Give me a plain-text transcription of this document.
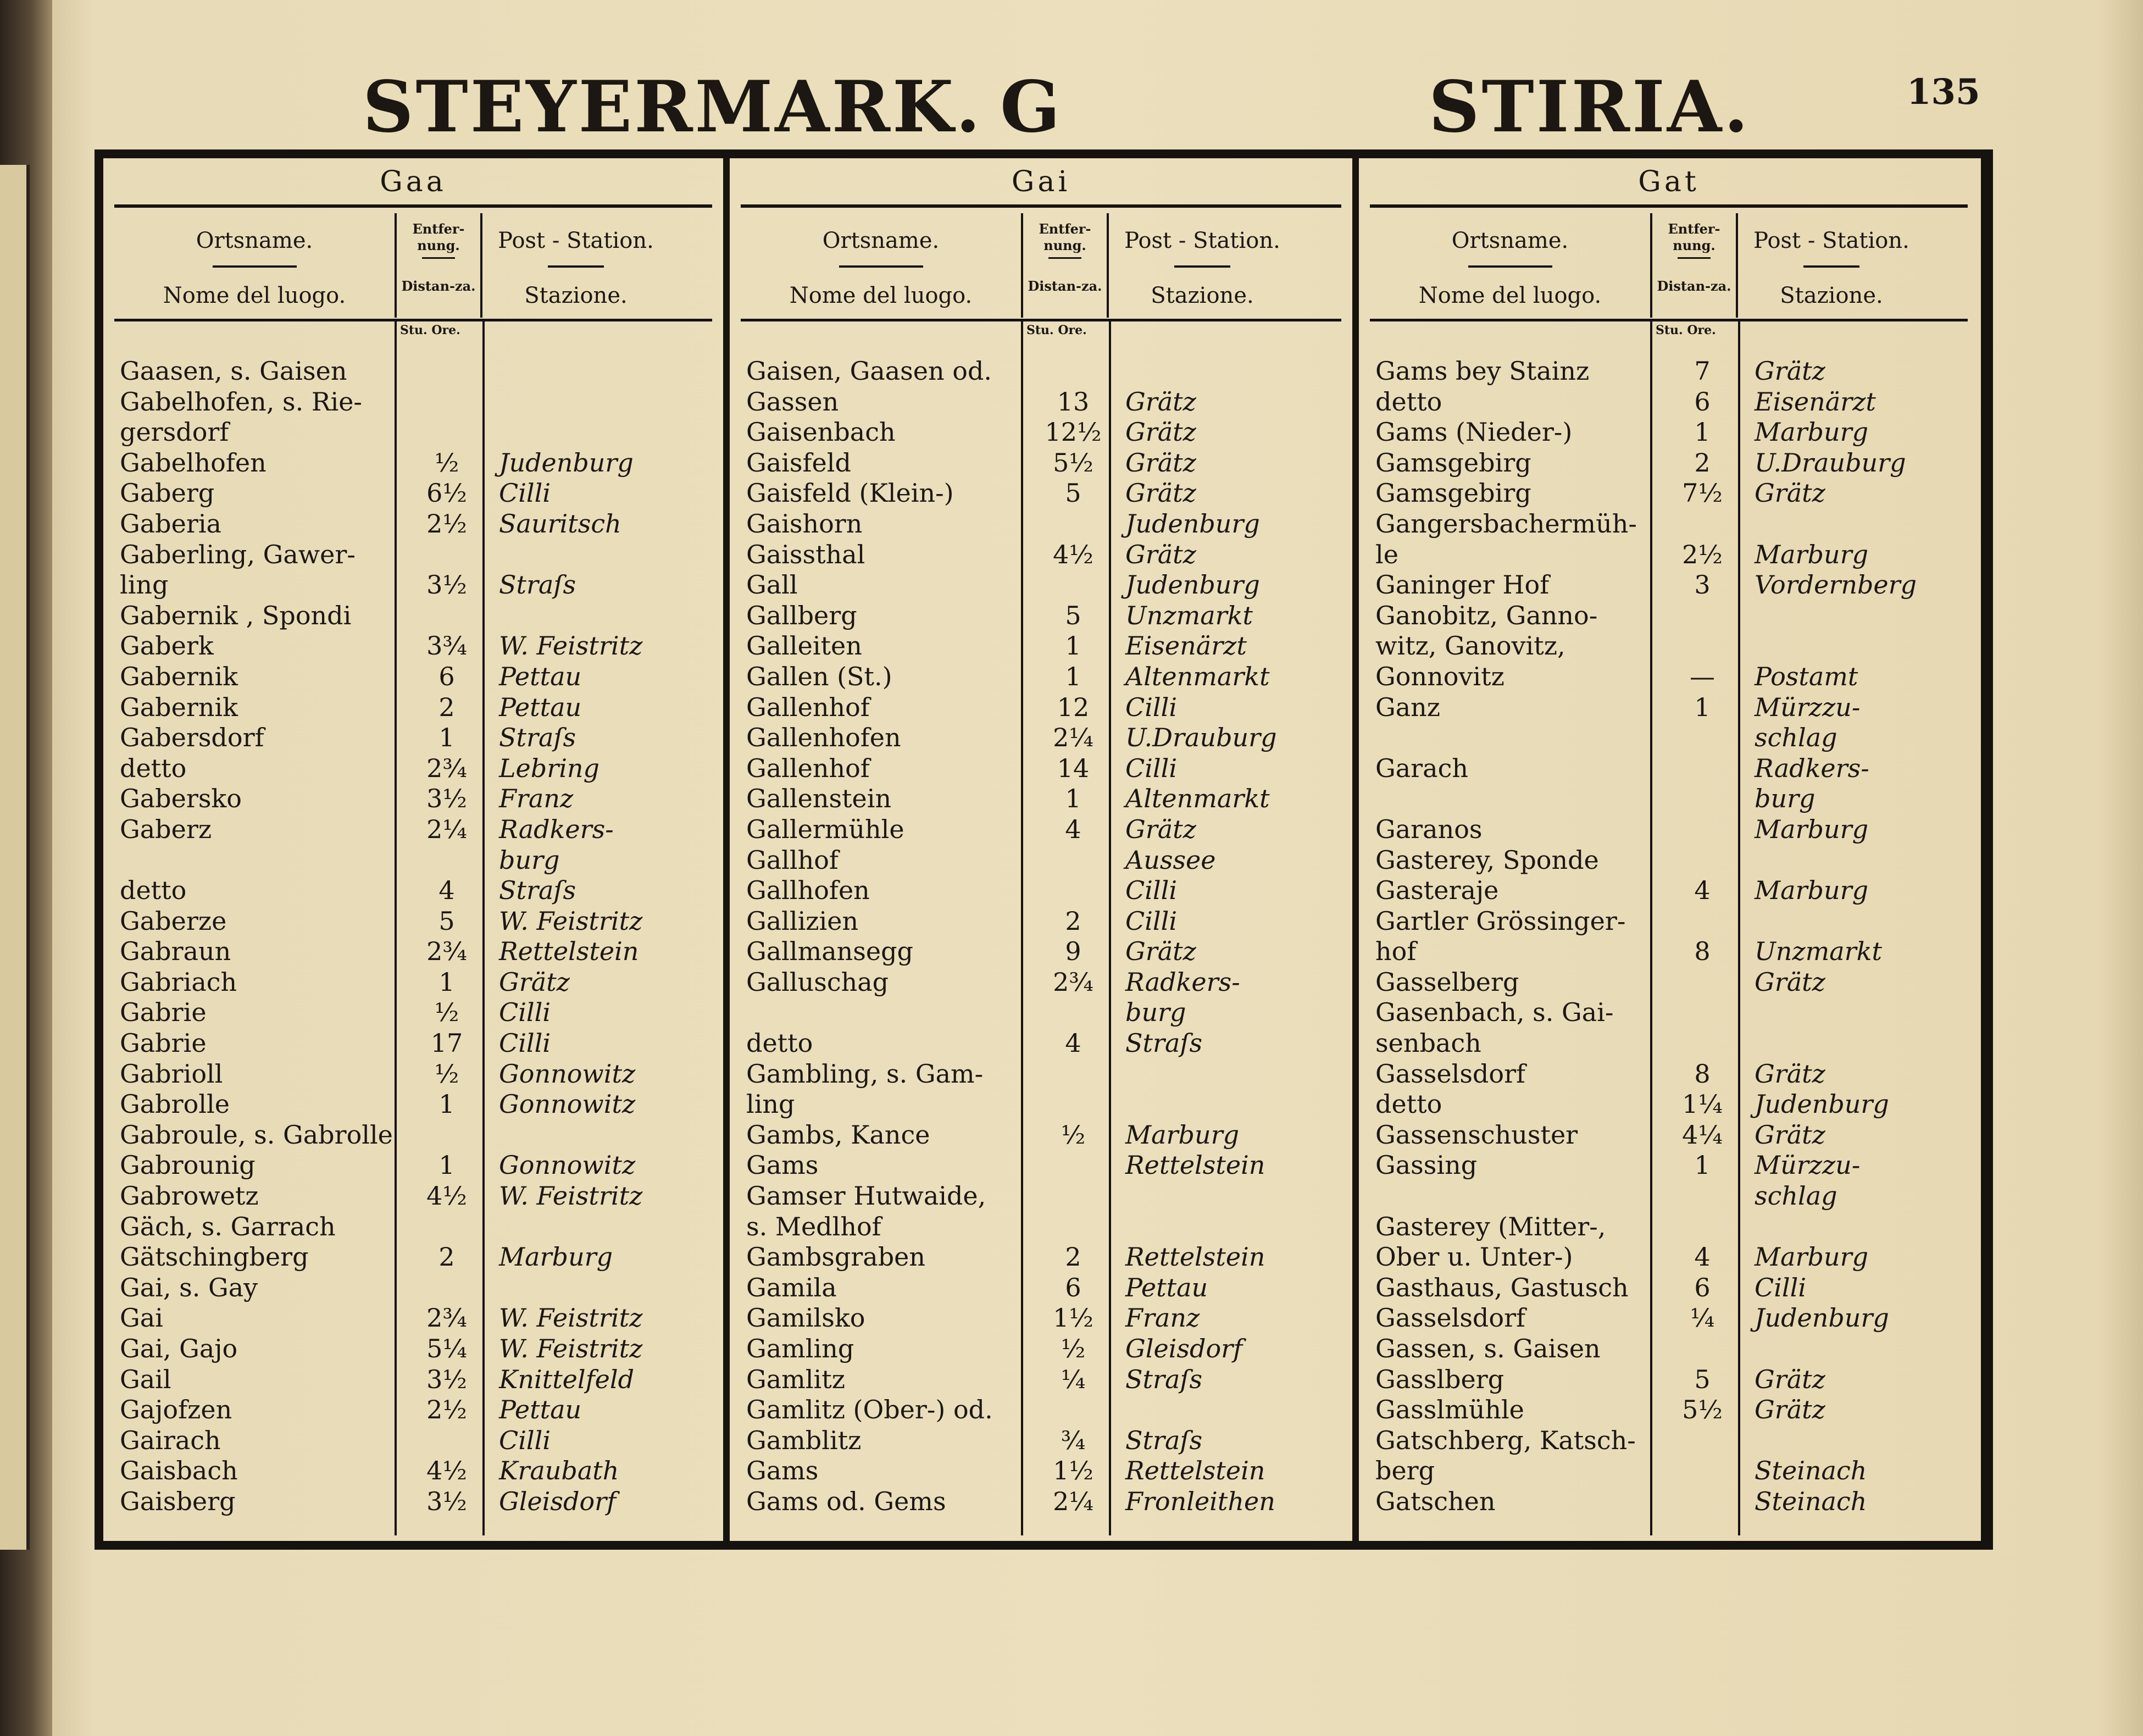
STEYERMARK. G	STIRIA.	135
Gaa
Ortsname.
Nome del luogo.
Entfer-nung.
Distan-za.
Post - Station.
Stazione.
Stu. Ore.
Gaasen, s. Gaisen
Gabelhofen, s. Rie-
gersdorf
Gabelhofen	½	Judenburg
Gaberg	6½	Cilli
Gaberia	2½	Sauritsch
Gaberling, Gawer-
ling	3½	Straſs
Gabernik , Spondi
Gaberk	3¾	W. Feistritz
Gabernik	6	Pettau
Gabernik	2	Pettau
Gabersdorf	1	Straſs
detto	2¾	Lebring
Gabersko	3½	Franz
Gaberz	2¼	Radkers-
burg
detto	4	Straſs
Gaberze	5	W. Feistritz
Gabraun	2¾	Rettelstein
Gabriach	1	Grätz
Gabrie	½	Cilli
Gabrie	17	Cilli
Gabrioll	½	Gonnowitz
Gabrolle	1	Gonnowitz
Gabroule, s. Gabrolle
Gabrounig	1	Gonnowitz
Gabrowetz	4½	W. Feistritz
Gäch, s. Garrach
Gätschingberg	2	Marburg
Gai, s. Gay
Gai	2¾	W. Feistritz
Gai, Gajo	5¼	W. Feistritz
Gail	3½	Knittelfeld
Gajofzen	2½	Pettau
Gairach	Cilli
Gaisbach	4½	Kraubath
Gaisberg	3½	Gleisdorf
Gai
Ortsname.
Nome del luogo.
Entfer-nung.
Distan-za.
Post - Station.
Stazione.
Stu. Ore.
Gaisen, Gaasen od.
Gassen	13	Grätz
Gaisenbach	12½ Grätz
Gaisfeld	5½	Grätz
Gaisfeld (Klein-)	5	Grätz
Gaishorn	Judenburg
Gaissthal	4½	Grätz
Gall	Judenburg
Gallberg	5	Unzmarkt
Galleiten	1	Eisenärzt
Gallen (St.)	1	Altenmarkt
Gallenhof	12	Cilli
Gallenhofen	2¼	U.Drauburg
Gallenhof	14	Cilli
Gallenstein	1	Altenmarkt
Gallermühle	4	Grätz
Gallhof	Aussee
Gallhofen	Cilli
Gallizien	2	Cilli
Gallmansegg	9	Grätz
Galluschag	2¾	Radkers-
burg
detto	4	Straſs
Gambling, s. Gam-
ling
Gambs, Kance	½	Marburg
Gams	Rettelstein
Gamser Hutwaide,
s. Medlhof
Gambsgraben	2	Rettelstein
Gamila	6	Pettau
Gamilsko	1½	Franz
Gamling	½	Gleisdorf
Gamlitz	¼	Straſs
Gamlitz (Ober-) od.
Gamblitz	¾	Straſs
Gams	1½	Rettelstein
Gams od. Gems	2¼	Fronleithen
Gat
Ortsname.
Nome del luogo.
Entfer-nung.
Distan-za.
Post - Station.
Stazione.
Stu. Ore.
Gams bey Stainz	7	Grätz
detto	6	Eisenärzt
Gams (Nieder-)	1	Marburg
Gamsgebirg	2	U.Drauburg
Gamsgebirg	7½	Grätz
Gangersbachermüh-
le	2½	Marburg
Ganinger Hof	3	Vordernberg
Ganobitz, Ganno-
witz, Ganovitz,
Gonnovitz	—	Postamt
Ganz	1	Mürzzu-
schlag
Garach	Radkers-
burg
Garanos	Marburg
Gasterey, Sponde
Gasteraje	4	Marburg
Gartler Grössinger-
hof	8	Unzmarkt
Gasselberg	Grätz
Gasenbach, s. Gai-
senbach
Gasselsdorf	8	Grätz
detto	1¼	Judenburg
Gassenschuster	4¼	Grätz
Gassing	1	Mürzzu-
schlag
Gasterey (Mitter-,
Ober u. Unter-)	4	Marburg
Gasthaus, Gastusch	6	Cilli
Gasselsdorf	¼	Judenburg
Gassen, s. Gaisen
Gasslberg	5	Grätz
Gasslmühle	5½	Grätz
Gatschberg, Katsch-
berg	Steinach
Gatschen	Steinach
